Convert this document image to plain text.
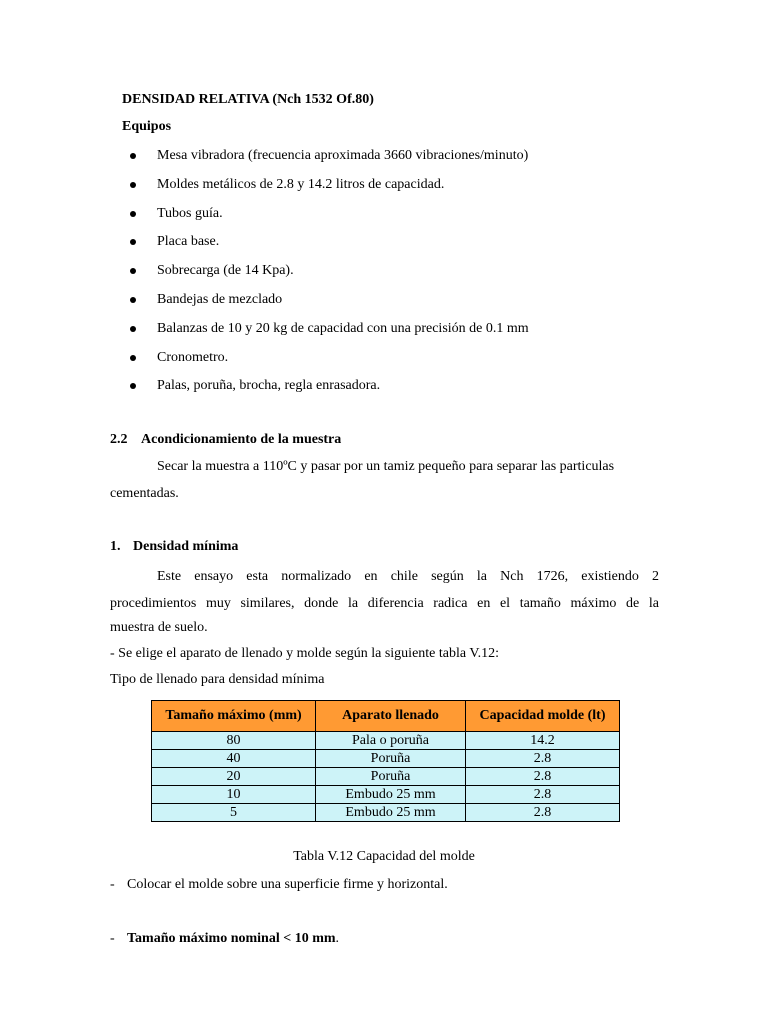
DENSIDAD RELATIVA (Nch 1532 Of.80)
Equipos
Mesa vibradora (frecuencia aproximada 3660 vibraciones/minuto)
Moldes metálicos de 2.8 y 14.2 litros de capacidad.
Tubos guía.
Placa base.
Sobrecarga (de 14 Kpa).
Bandejas de mezclado
Balanzas de 10 y 20 kg de capacidad con una precisión de 0.1 mm
Cronometro.
Palas, poruña, brocha, regla enrasadora.
2.2 Acondicionamiento de la muestra
Secar la muestra a 110ºC y pasar por un tamiz pequeño para separar las particulas
cementadas.
1. Densidad mínima
Este ensayo esta normalizado en chile según la Nch 1726, existiendo 2
procedimientos muy similares, donde la diferencia radica en el tamaño máximo de la
muestra de suelo.
- Se elige el aparato de llenado y molde según la siguiente tabla V.12:
Tipo de llenado para densidad mínima
Tamaño máximo (mm)	Aparato llenado	Capacidad molde (lt)
80	Pala o poruña	14.2
40	Poruña	2.8
20	Poruña	2.8
10	Embudo 25 mm	2.8
5	Embudo 25 mm	2.8
Tabla V.12 Capacidad del molde
- Colocar el molde sobre una superficie firme y horizontal.
- Tamaño máximo nominal < 10 mm.
